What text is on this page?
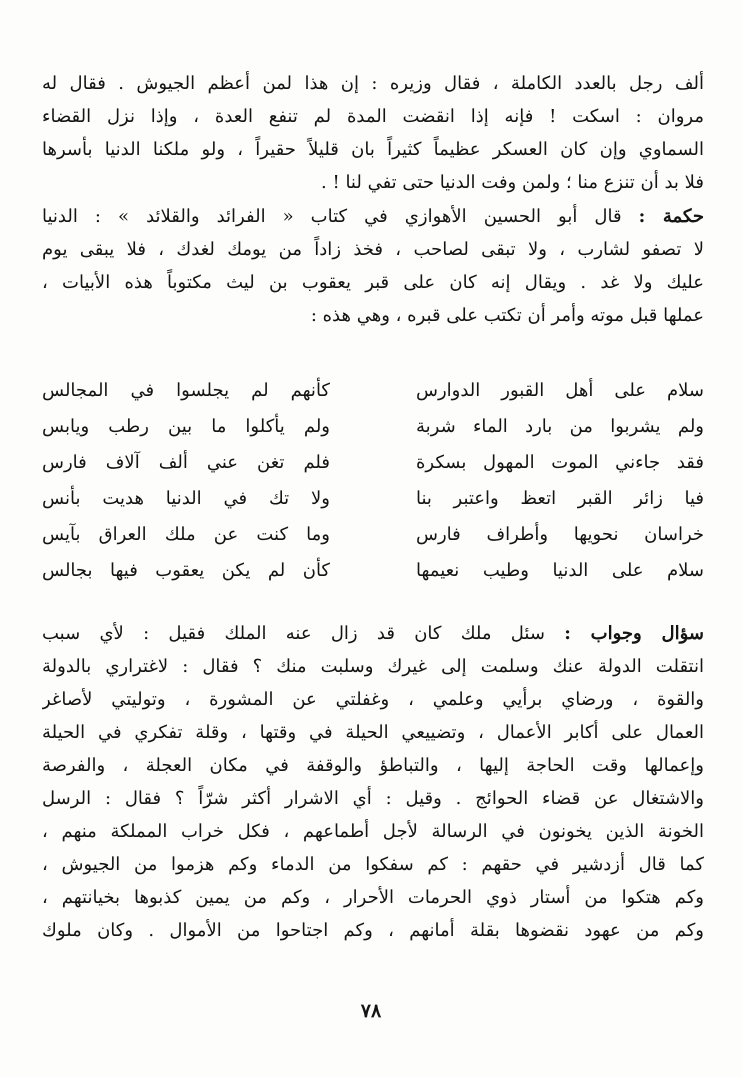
ألف رجل بالعدد الكاملة ، فقال وزيره : إن هذا لمن أعظم الجيوش . فقال له
مروان : اسكت ! فإنه إذا انقضت المدة لم تنفع العدة ، وإذا نزل القضاء
السماوي وإن كان العسكر عظيماً كثيراً بان قليلاً حقيراً ، ولو ملكنا الدنيا بأسرها
فلا بد أن تنزع منا ؛ ولمن وفت الدنيا حتى تفي لنا ! .
حكمة : قال أبو الحسين الأهوازي في كتاب « الفرائد والقلائد » : الدنيا
لا تصفو لشارب ، ولا تبقى لصاحب ، فخذ زاداً من يومك لغدك ، فلا يبقى يوم
عليك ولا غد . ويقال إنه كان على قبر يعقوب بن ليث مكتوباً هذه الأبيات ،
عملها قبل موته وأمر أن تكتب على قبره ، وهي هذه :
سلام على أهل القبور الدوارس
ولم يشربوا من بارد الماء شربة
فقد جاءني الموت المهول بسكرة
فيا زائر القبر اتعظ واعتبر بنا
خراسان نحويها وأطراف فارس
سلام على الدنيا وطيب نعيمها
كأنهم لم يجلسوا في المجالس
ولم يأكلوا ما بين رطب ويابس
فلم تغن عني ألف آلاف فارس
ولا تك في الدنيا هديت بأنس
وما كنت عن ملك العراق بآيس
كأن لم يكن يعقوب فيها بجالس
سؤال وجواب : سئل ملك كان قد زال عنه الملك فقيل : لأي سبب
انتقلت الدولة عنك وسلمت إلى غيرك وسلبت منك ؟ فقال : لاغتراري بالدولة
والقوة ، ورضاي برأيي وعلمي ، وغفلتي عن المشورة ، وتوليتي لأصاغر
العمال على أكابر الأعمال ، وتضييعي الحيلة في وقتها ، وقلة تفكري في الحيلة
وإعمالها وقت الحاجة إليها ، والتباطؤ والوقفة في مكان العجلة ، والفرصة
والاشتغال عن قضاء الحوائج . وقيل : أي الاشرار أكثر شرّاً ؟ فقال : الرسل
الخونة الذين يخونون في الرسالة لأجل أطماعهم ، فكل خراب المملكة منهم ،
كما قال أزدشير في حقهم : كم سفكوا من الدماء وكم هزموا من الجيوش ،
وكم هتكوا من أستار ذوي الحرمات الأحرار ، وكم من يمين كذبوها بخيانتهم ،
وكم من عهود نقضوها بقلة أمانهم ، وكم اجتاحوا من الأموال . وكان ملوك
٧٨
